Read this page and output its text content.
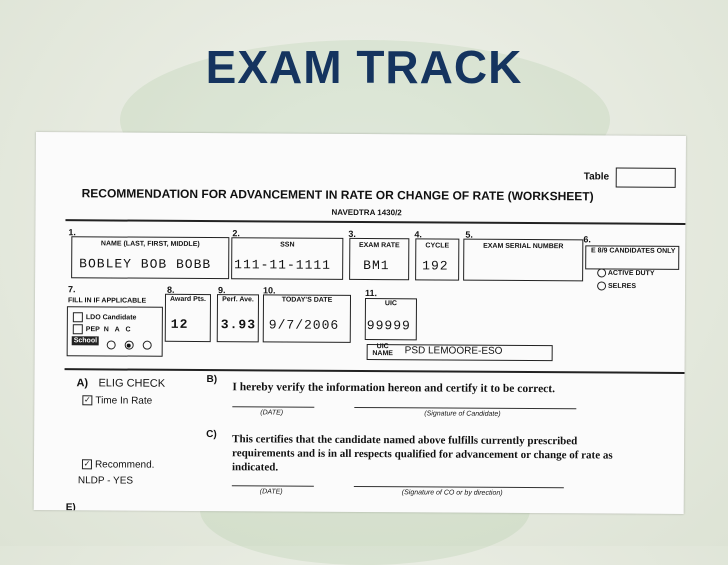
EXAM TRACK
Table
RECOMMENDATION FOR ADVANCEMENT IN RATE OR CHANGE OF RATE (WORKSHEET)
NAVEDTRA 1430/2
1.
NAME (LAST, FIRST, MIDDLE)
BOBLEY BOB BOBB
2.
SSN
111-11-1111
3.
EXAM RATE
BM1
4.
CYCLE
192
5.
EXAM SERIAL NUMBER
6.
E 8/9 CANDIDATES ONLY
ACTIVE DUTY
SELRES
7.
FILL IN IF APPLICABLE
LDO Candidate
PEP N A C
School

8.
Award Pts.
12
9.
Perf. Ave.
3.93
10.
TODAY'S DATE
9/7/2006
11.
UIC
99999
UIC NAME	PSD LEMOORE-ESO
A) ELIG CHECK
✓ Time In Rate
✓ Recommend.
NLDP - YES
B)
I hereby verify the information hereon and certify it to be correct.
(DATE)	(Signature of Candidate)
C) This certifies that the candidate named above fulfills currently prescribed
requirements and is in all respects qualified for advancement or change of rate as
indicated.
(DATE)	(Signature of CO or by direction)
E)
